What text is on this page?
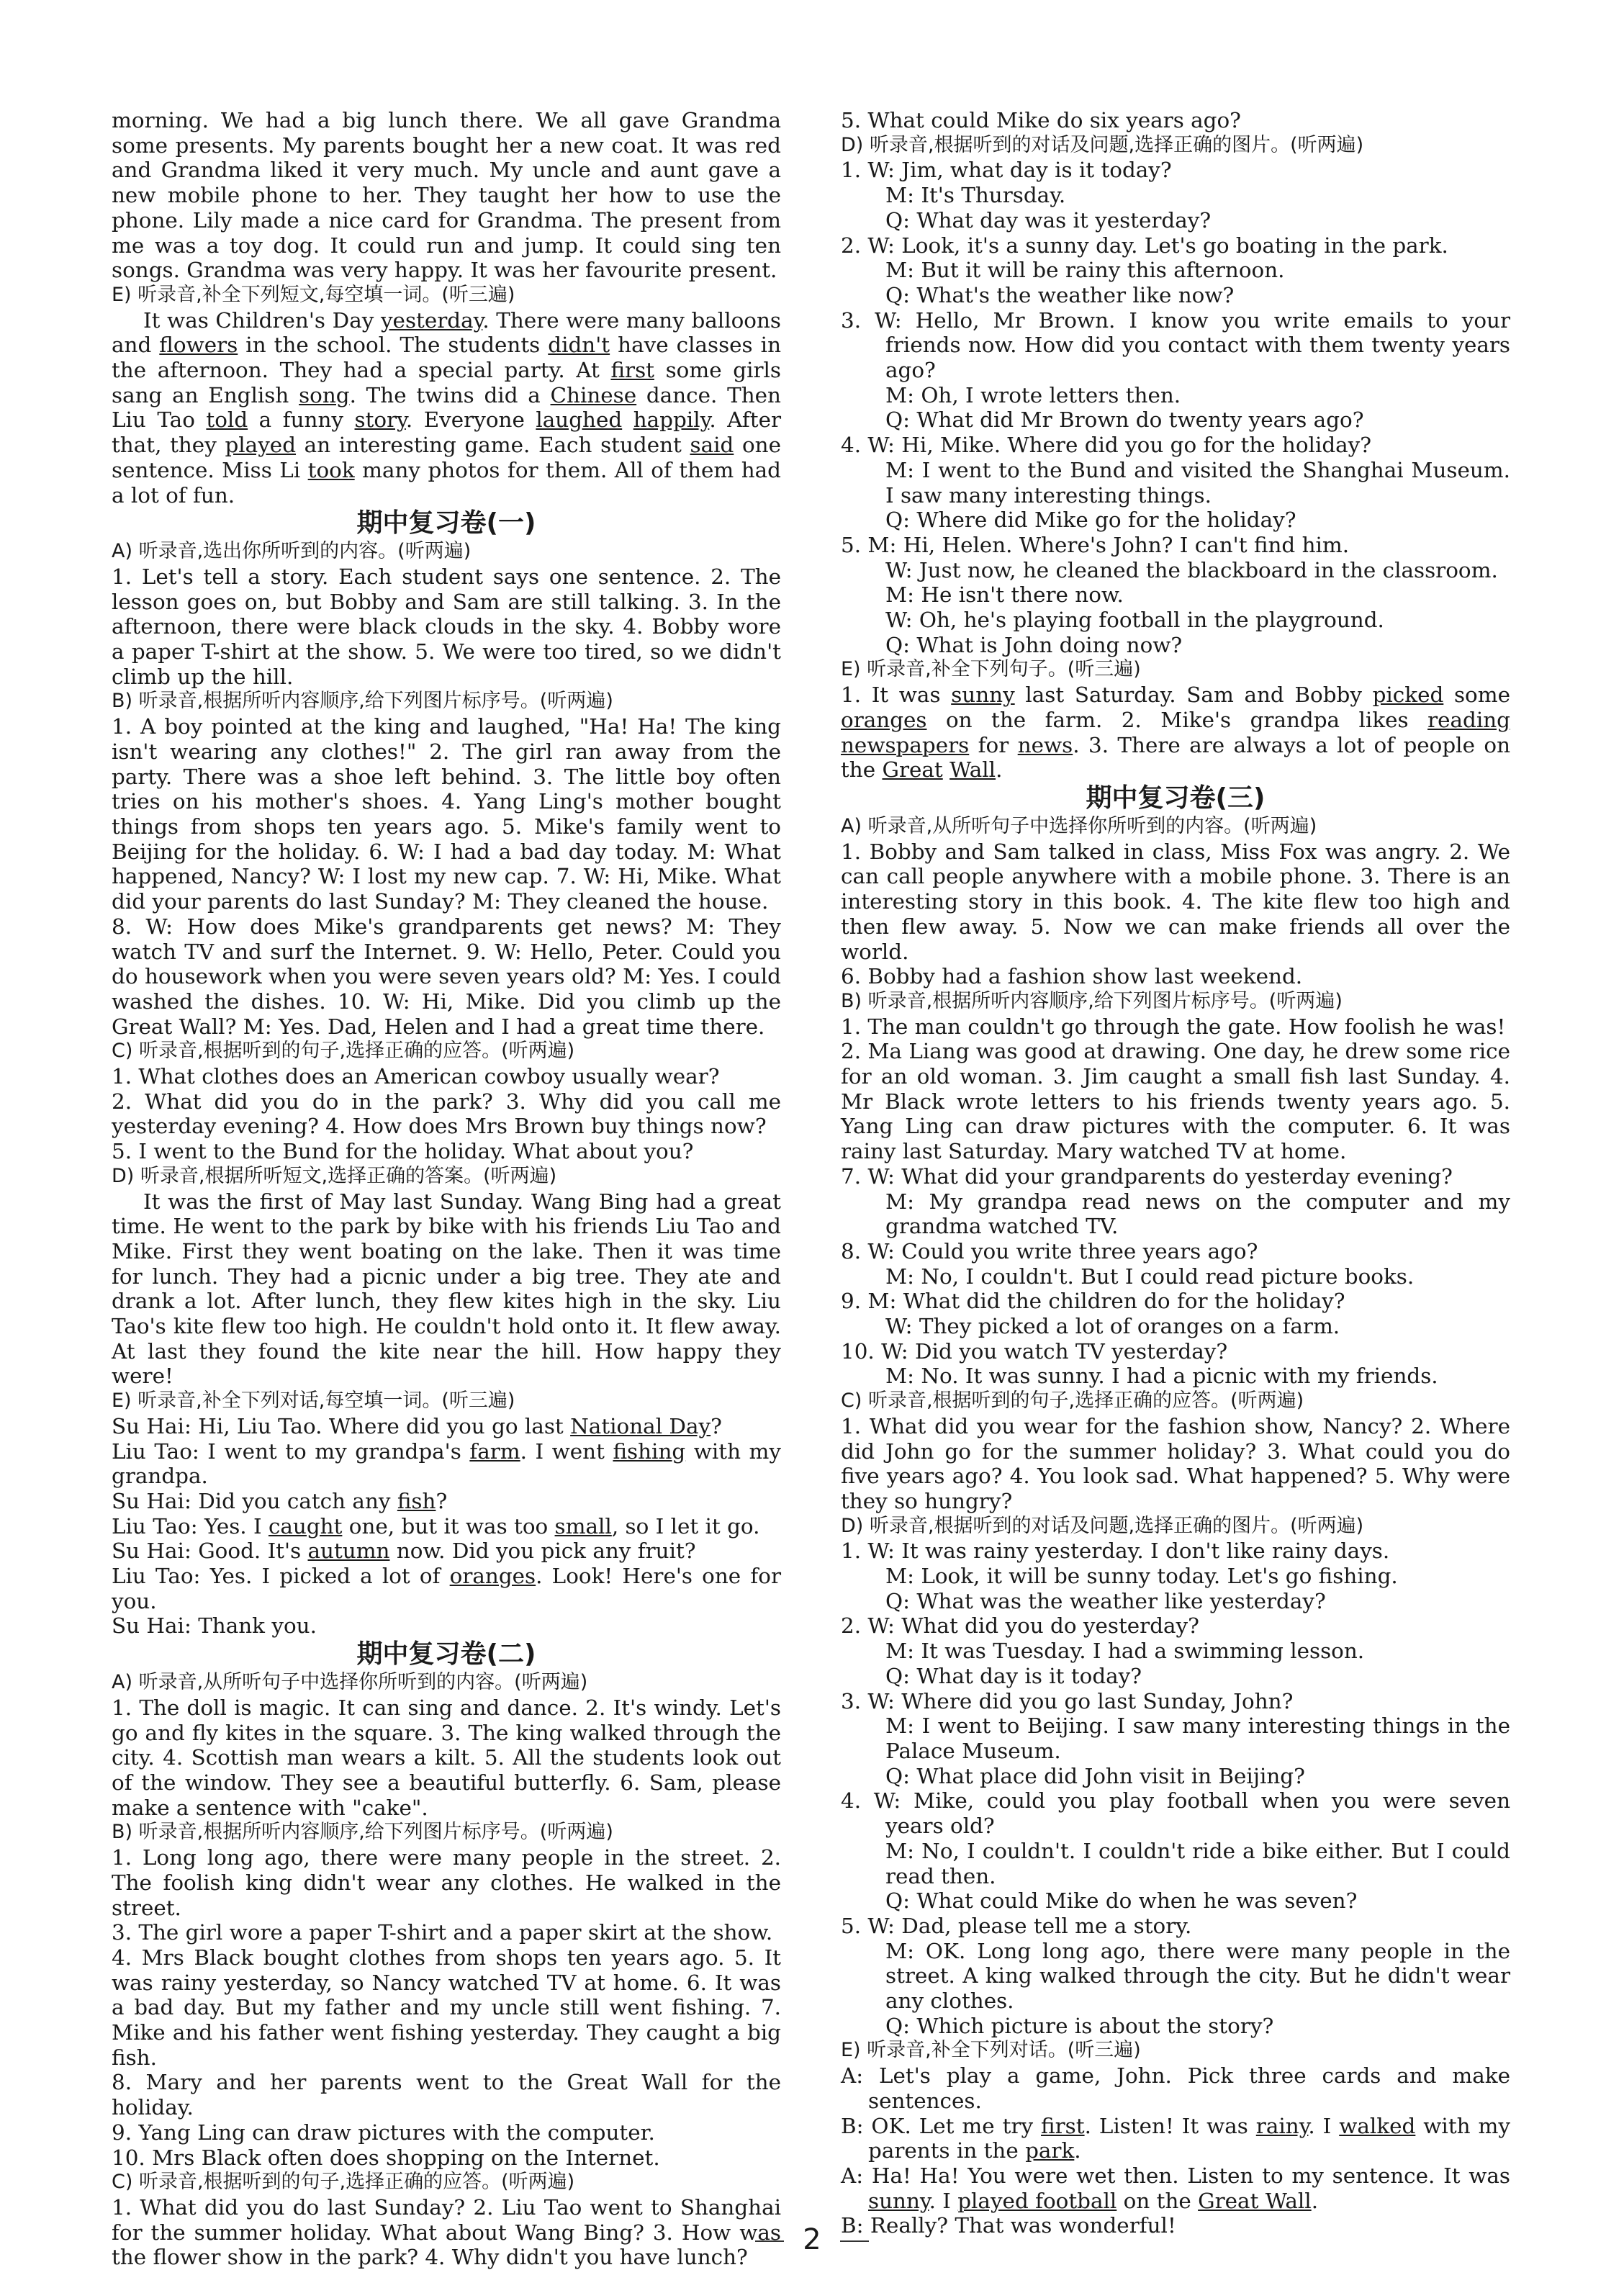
morning. We had a big lunch there. We all gave Grandma some presents. My parents bought her a new coat. It was red and Grandma liked it very much. My uncle and aunt gave a new mobile phone to her. They taught her how to use the phone. Lily made a nice card for Grandma. The present from me was a toy dog. It could run and jump. It could sing ten songs. Grandma was very happy. It was her favourite present.

E) 听录音,补全下列短文,每空填一词。(听三遍)

It was Children's Day yesterday. There were many balloons and flowers in the school. The students didn't have classes in the afternoon. They had a special party. At first some girls sang an English song. The twins did a Chinese dance. Then Liu Tao told a funny story. Everyone laughed happily. After that, they played an interesting game. Each student said one sentence. Miss Li took many photos for them. All of them had a lot of fun.

期中复习卷(一)

A) 听录音,选出你所听到的内容。(听两遍)

1. Let's tell a story. Each student says one sentence. 2. The lesson goes on, but Bobby and Sam are still talking. 3. In the afternoon, there were black clouds in the sky. 4. Bobby wore a paper T-shirt at the show. 5. We were too tired, so we didn't climb up the hill.

B) 听录音,根据所听内容顺序,给下列图片标序号。(听两遍)

1. A boy pointed at the king and laughed, "Ha! Ha! The king isn't wearing any clothes!" 2. The girl ran away from the party. There was a shoe left behind. 3. The little boy often tries on his mother's shoes. 4. Yang Ling's mother bought things from shops ten years ago. 5. Mike's family went to Beijing for the holiday. 6. W: I had a bad day today. M: What happened, Nancy? W: I lost my new cap. 7. W: Hi, Mike. What did your parents do last Sunday? M: They cleaned the house.

8. W: How does Mike's grandparents get news? M: They watch TV and surf the Internet. 9. W: Hello, Peter. Could you do housework when you were seven years old? M: Yes. I could washed the dishes. 10. W: Hi, Mike. Did you climb up the Great Wall? M: Yes. Dad, Helen and I had a great time there.

C) 听录音,根据听到的句子,选择正确的应答。(听两遍)

1. What clothes does an American cowboy usually wear?

2. What did you do in the park? 3. Why did you call me yesterday evening? 4. How does Mrs Brown buy things now?

5. I went to the Bund for the holiday. What about you?

D) 听录音,根据所听短文,选择正确的答案。(听两遍)

It was the first of May last Sunday. Wang Bing had a great time. He went to the park by bike with his friends Liu Tao and Mike. First they went boating on the lake. Then it was time for lunch. They had a picnic under a big tree. They ate and drank a lot. After lunch, they flew kites high in the sky. Liu Tao's kite flew too high. He couldn't hold onto it. It flew away. At last they found the kite near the hill. How happy they were!

E) 听录音,补全下列对话,每空填一词。(听三遍)

Su Hai: Hi, Liu Tao. Where did you go last National Day?

Liu Tao: I went to my grandpa's farm. I went fishing with my grandpa.

Su Hai: Did you catch any fish?

Liu Tao: Yes. I caught one, but it was too small, so I let it go.

Su Hai: Good. It's autumn now. Did you pick any fruit?

Liu Tao: Yes. I picked a lot of oranges. Look! Here's one for you.

Su Hai: Thank you.

期中复习卷(二)

A) 听录音,从所听句子中选择你所听到的内容。(听两遍)

1. The doll is magic. It can sing and dance. 2. It's windy. Let's go and fly kites in the square. 3. The king walked through the city. 4. Scottish man wears a kilt. 5. All the students look out of the window. They see a beautiful butterfly. 6. Sam, please make a sentence with "cake".

B) 听录音,根据所听内容顺序,给下列图片标序号。(听两遍)

1. Long long ago, there were many people in the street. 2. The foolish king didn't wear any clothes. He walked in the street.

3. The girl wore a paper T-shirt and a paper skirt at the show.

4. Mrs Black bought clothes from shops ten years ago. 5. It was rainy yesterday, so Nancy watched TV at home. 6. It was a bad day. But my father and my uncle still went fishing. 7. Mike and his father went fishing yesterday. They caught a big fish.

8. Mary and her parents went to the Great Wall for the holiday.

9. Yang Ling can draw pictures with the computer.

10. Mrs Black often does shopping on the Internet.

C) 听录音,根据听到的句子,选择正确的应答。(听两遍)

1. What did you do last Sunday? 2. Liu Tao went to Shanghai for the summer holiday. What about Wang Bing? 3. How was the flower show in the park? 4. Why didn't you have lunch?

5. What could Mike do six years ago?

D) 听录音,根据听到的对话及问题,选择正确的图片。(听两遍)

1. W: Jim, what day is it today?

M: It's Thursday.

Q: What day was it yesterday?

2. W: Look, it's a sunny day. Let's go boating in the park.

M: But it will be rainy this afternoon.

Q: What's the weather like now?

3. W: Hello, Mr Brown. I know you write emails to your friends now. How did you contact with them twenty years ago?

M: Oh, I wrote letters then.

Q: What did Mr Brown do twenty years ago?

4. W: Hi, Mike. Where did you go for the holiday?

M: I went to the Bund and visited the Shanghai Museum. I saw many interesting things.

Q: Where did Mike go for the holiday?

5. M: Hi, Helen. Where's John? I can't find him.

W: Just now, he cleaned the blackboard in the classroom.

M: He isn't there now.

W: Oh, he's playing football in the playground.

Q: What is John doing now?

E) 听录音,补全下列句子。(听三遍)

1. It was sunny last Saturday. Sam and Bobby picked some oranges on the farm. 2. Mike's grandpa likes reading newspapers for news. 3. There are always a lot of people on the Great Wall.

期中复习卷(三)

A) 听录音,从所听句子中选择你所听到的内容。(听两遍)

1. Bobby and Sam talked in class, Miss Fox was angry. 2. We can call people anywhere with a mobile phone. 3. There is an interesting story in this book. 4. The kite flew too high and then flew away. 5. Now we can make friends all over the world.

6. Bobby had a fashion show last weekend.

B) 听录音,根据所听内容顺序,给下列图片标序号。(听两遍)

1. The man couldn't go through the gate. How foolish he was!

2. Ma Liang was good at drawing. One day, he drew some rice for an old woman. 3. Jim caught a small fish last Sunday. 4. Mr Black wrote letters to his friends twenty years ago. 5. Yang Ling can draw pictures with the computer. 6. It was rainy last Saturday. Mary watched TV at home.

7. W: What did your grandparents do yesterday evening?

M: My grandpa read news on the computer and my grandma watched TV.

8. W: Could you write three years ago?

M: No, I couldn't. But I could read picture books.

9. M: What did the children do for the holiday?

W: They picked a lot of oranges on a farm.

10. W: Did you watch TV yesterday?

M: No. It was sunny. I had a picnic with my friends.

C) 听录音,根据听到的句子,选择正确的应答。(听两遍)

1. What did you wear for the fashion show, Nancy? 2. Where did John go for the summer holiday? 3. What could you do five years ago? 4. You look sad. What happened? 5. Why were they so hungry?

D) 听录音,根据听到的对话及问题,选择正确的图片。(听两遍)

1. W: It was rainy yesterday. I don't like rainy days.

M: Look, it will be sunny today. Let's go fishing.

Q: What was the weather like yesterday?

2. W: What did you do yesterday?

M: It was Tuesday. I had a swimming lesson.

Q: What day is it today?

3. W: Where did you go last Sunday, John?

M: I went to Beijing. I saw many interesting things in the Palace Museum.

Q: What place did John visit in Beijing?

4. W: Mike, could you play football when you were seven years old?

M: No, I couldn't. I couldn't ride a bike either. But I could read then.

Q: What could Mike do when he was seven?

5. W: Dad, please tell me a story.

M: OK. Long long ago, there were many people in the street. A king walked through the city. But he didn't wear any clothes.

Q: Which picture is about the story?

E) 听录音,补全下列对话。(听三遍)

A: Let's play a game, John. Pick three cards and make sentences.

B: OK. Let me try first. Listen! It was rainy. I walked with my parents in the park.

A: Ha! Ha! You were wet then. Listen to my sentence. It was sunny. I played football on the Great Wall.

B: Really? That was wonderful!

2
